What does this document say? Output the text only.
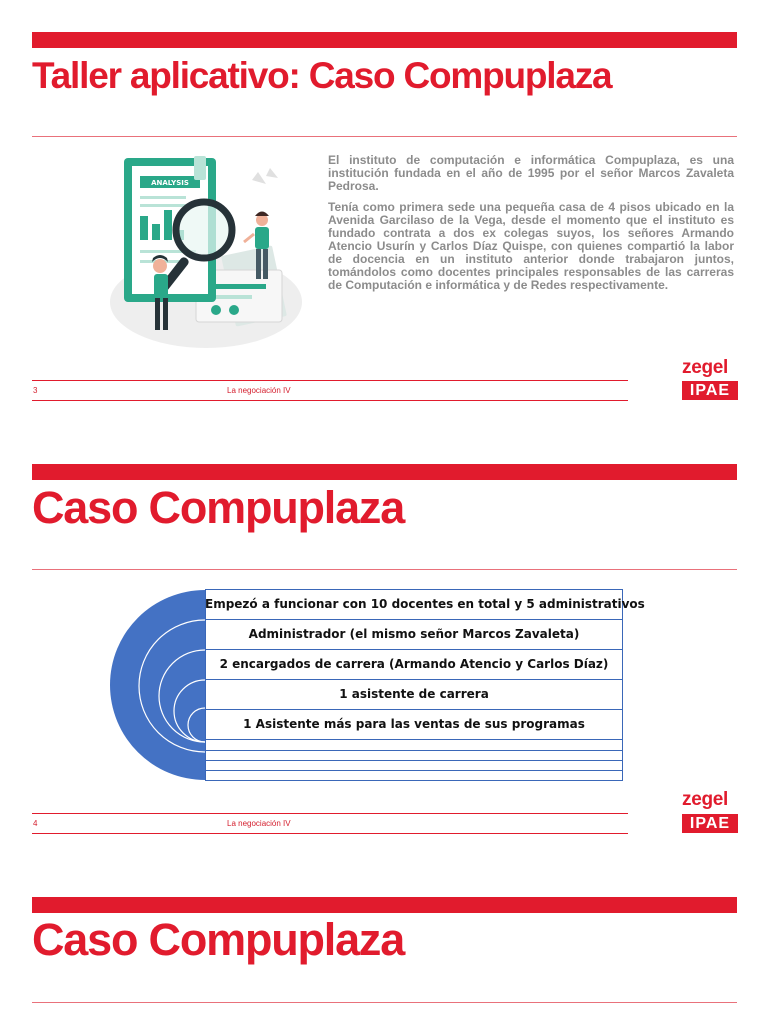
Taller aplicativo: Caso Compuplaza
ANALYSIS

El instituto de computación e informática Compuplaza, es una institución fundada en el año de 1995 por el señor Marcos Zavaleta Pedrosa.

Tenía como primera sede una pequeña casa de 4 pisos ubicado en la Avenida Garcilaso de la Vega, desde el momento que el instituto es fundado contrata a dos ex colegas suyos, los señores Armando Atencio Usurín y Carlos Díaz Quispe, con quienes compartió la labor de docencia en un instituto anterior donde trabajaron juntos, tomándolos como docentes principales responsables de las carreras de Computación e informática y de Redes respectivamente.

3	La negociación IV
zegel
IPAE
Caso Compuplaza
Empezó a funcionar con 10 docentes en total y 5 administrativos
Administrador (el mismo señor Marcos Zavaleta)
2 encargados de carrera (Armando Atencio y Carlos Díaz)
1 asistente de carrera
1 Asistente más para las ventas de sus programas
4	La negociación IV
zegel
IPAE
Caso Compuplaza
